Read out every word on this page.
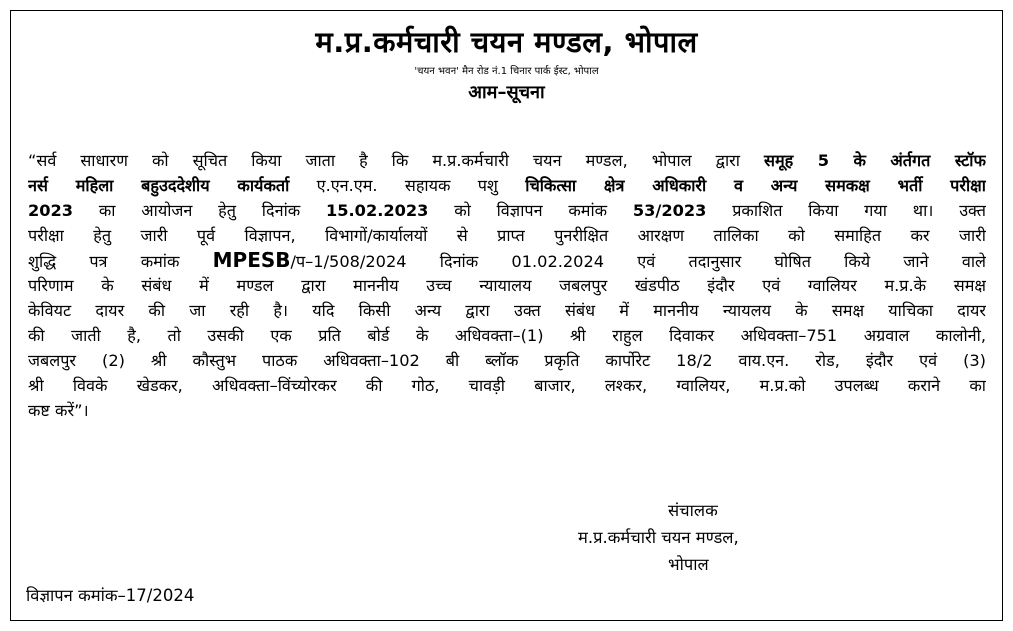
म.प्र.कर्मचारी चयन मण्डल, भोपाल
'चयन भवन' मैन रोड नं.1 चिनार पार्क ईस्ट, भोपाल
आम–सूचना
“सर्व साधारण को सूचित किया जाता है कि म.प्र.कर्मचारी चयन मण्डल, भोपाल द्वारा समूह 5 के अंर्तगत स्टॉफ
नर्स महिला बहुउददेशीय कार्यकर्ता ए.एन.एम. सहायक पशु चिकित्सा क्षेत्र अधिकारी व अन्य समकक्ष भर्ती परीक्षा
2023 का आयोजन हेतु दिनांक 15.02.2023 को विज्ञापन कमांक 53/2023 प्रकाशित किया गया था। उक्त
परीक्षा हेतु जारी पूर्व विज्ञापन, विभागों/कार्यालयों से प्राप्त पुनरीक्षित आरक्षण तालिका को समाहित कर जारी
शुद्धि पत्र कमांक MPESB/प–1/508/2024 दिनांक 01.02.2024 एवं तदानुसार घोषित किये जाने वाले
परिणाम के संबंध में मण्डल द्वारा माननीय उच्च न्यायालय जबलपुर खंडपीठ इंदौर एवं ग्वालियर म.प्र.के समक्ष
केवियट दायर की जा रही है। यदि किसी अन्य द्वारा उक्त संबंध में माननीय न्यायलय के समक्ष याचिका दायर
की जाती है, तो उसकी एक प्रति बोर्ड के अधिवक्ता–(1) श्री राहुल दिवाकर अधिवक्ता–751 अग्रवाल कालोनी,
जबलपुर (2) श्री कौस्तुभ पाठक अधिवक्ता–102 बी ब्लॉक प्रकृति कार्पोरेट 18/2 वाय.एन. रोड, इंदौर एवं (3)
श्री विवके खेडकर, अधिवक्ता–विंच्योरकर की गोठ, चावड़ी बाजार, लश्कर, ग्वालियर, म.प्र.को उपलब्ध कराने का
कष्ट करें”।
संचालक
म.प्र.कर्मचारी चयन मण्डल,
भोपाल
विज्ञापन कमांक–17/2024
